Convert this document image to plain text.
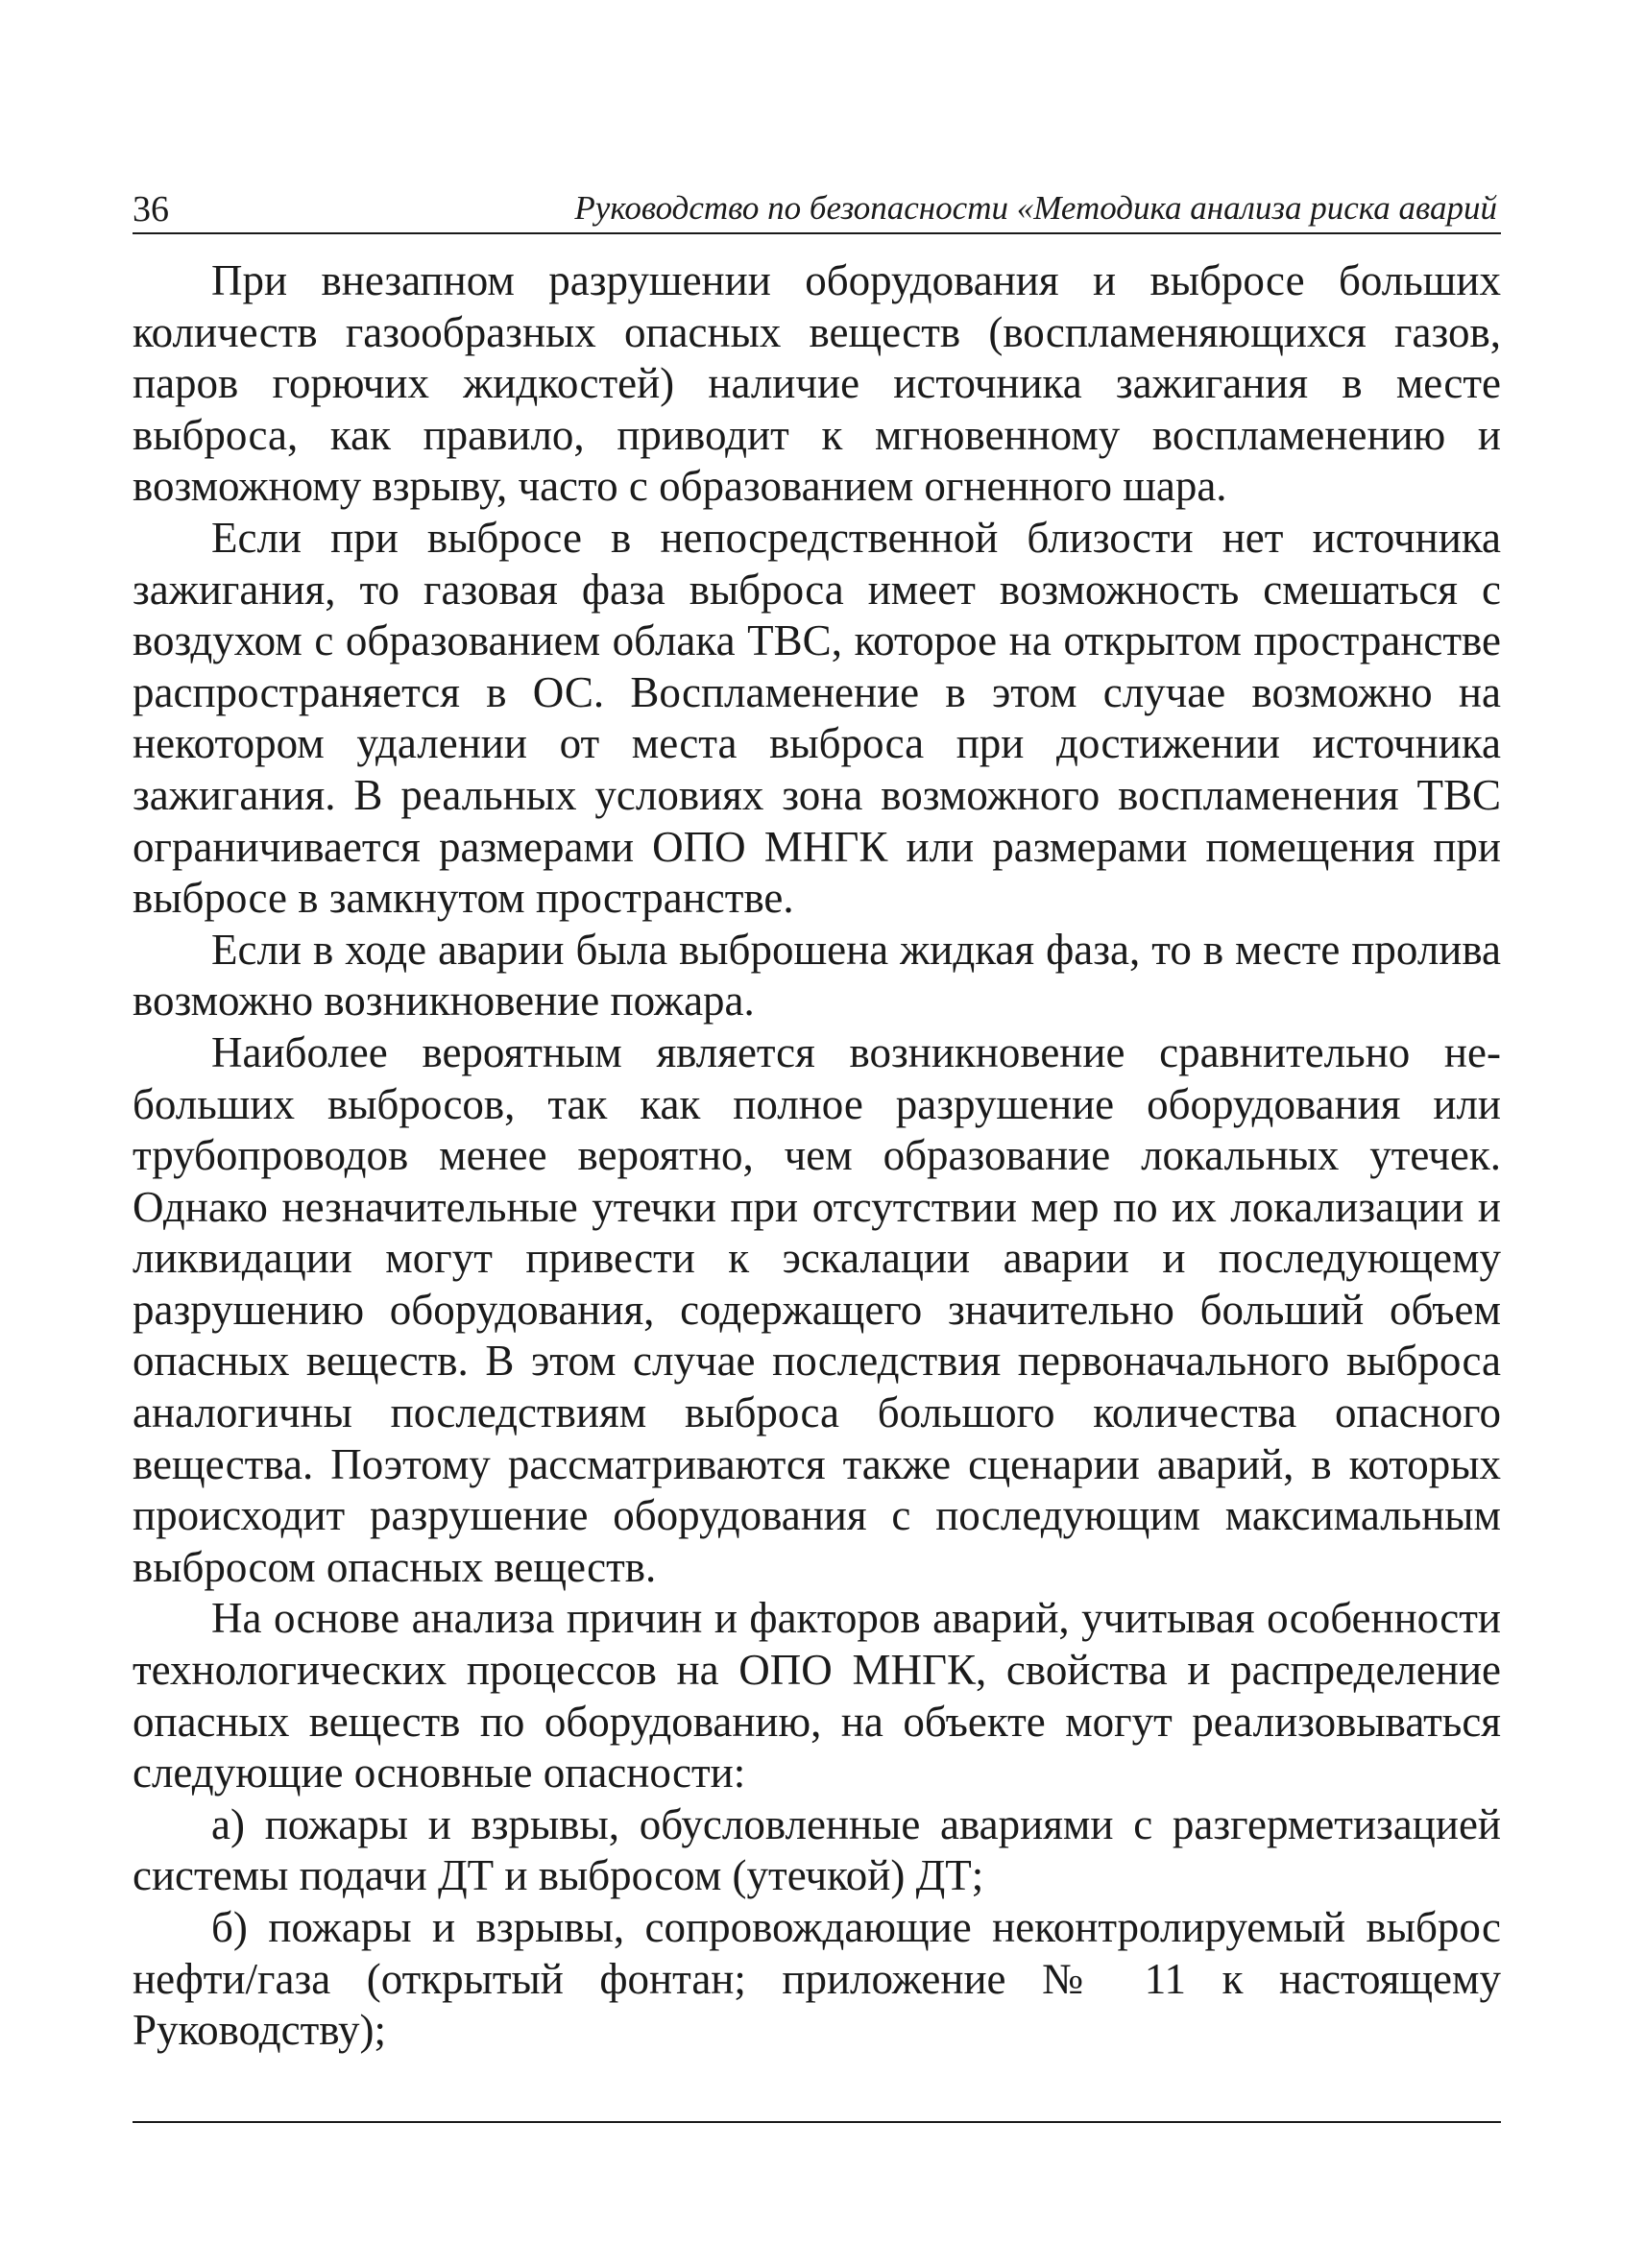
36	Руководство по безопасности «Методика анализа риска аварий

При внезапном разрушении оборудования и выбросе больших количеств газообразных опасных веществ (воспламеняющихся газов, паров горючих жидкостей) наличие источника зажигания в месте выброса, как правило, приводит к мгновенному воспламенению и возможному взрыву, часто с образованием огненного шара.

Если при выбросе в непосредственной близости нет источника зажигания, то газовая фаза выброса имеет возможность смешаться с воздухом с образованием облака ТВС, которое на открытом пространстве распространяется в ОС. Воспламенение в этом случае возможно на некотором удалении от места выброса при достижении источника зажигания. В реальных условиях зона возможного воспламенения ТВС ограничивается размерами ОПО МНГК или размерами помещения при выбросе в замкнутом пространстве.

Если в ходе аварии была выброшена жидкая фаза, то в месте пролива возможно возникновение пожара.

Наиболее вероятным является возникновение сравнительно небольших выбросов, так как полное разрушение оборудования или трубопроводов менее вероятно, чем образование локальных утечек. Однако незначительные утечки при отсутствии мер по их локализации и ликвидации могут привести к эскалации аварии и последующему разрушению оборудования, содержащего значительно больший объем опасных веществ. В этом случае последствия первоначального выброса аналогичны последствиям выброса большого количества опасного вещества. Поэтому рассматриваются также сценарии аварий, в которых происходит разрушение оборудования с последующим максимальным выбросом опасных веществ.

На основе анализа причин и факторов аварий, учитывая особенности технологических процессов на ОПО МНГК, свойства и распределение опасных веществ по оборудованию, на объекте могут реализовываться следующие основные опасности:

а) пожары и взрывы, обусловленные авариями с разгерметизацией системы подачи ДТ и выбросом (утечкой) ДТ;

б) пожары и взрывы, сопровождающие неконтролируемый выброс нефти/газа (открытый фонтан; приложение № 11 к настоящему Руководству);
